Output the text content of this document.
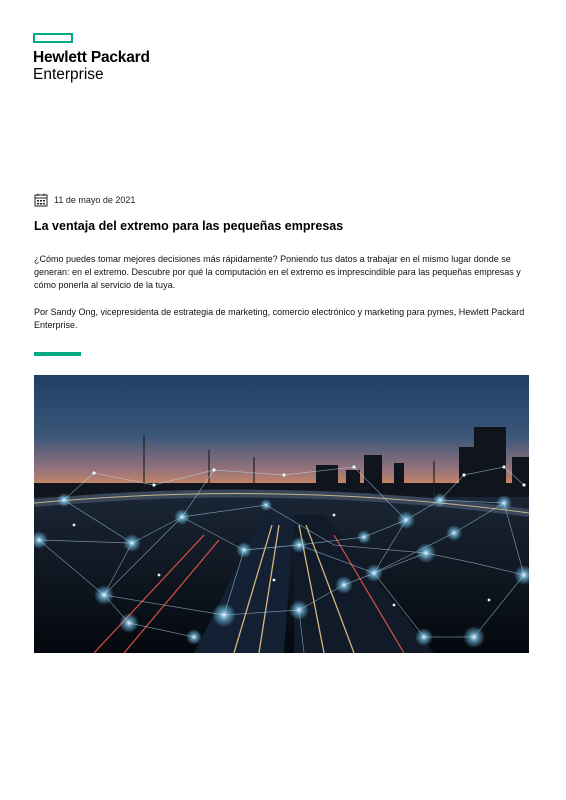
Hewlett Packard
Enterprise
11 de mayo de 2021
La ventaja del extremo para las pequeñas empresas

¿Cómo puedes tomar mejores decisiones más rápidamente? Poniendo tus datos a trabajar en el mismo lugar donde se generan: en el extremo. Descubre por qué la computación en el extremo es imprescindible para las pequeñas empresas y cómo ponerla al servicio de la tuya.

Por Sandy Ong, vicepresidenta de estrategia de marketing, comercio electrónico y marketing para pymes, Hewlett Packard Enterprise.
